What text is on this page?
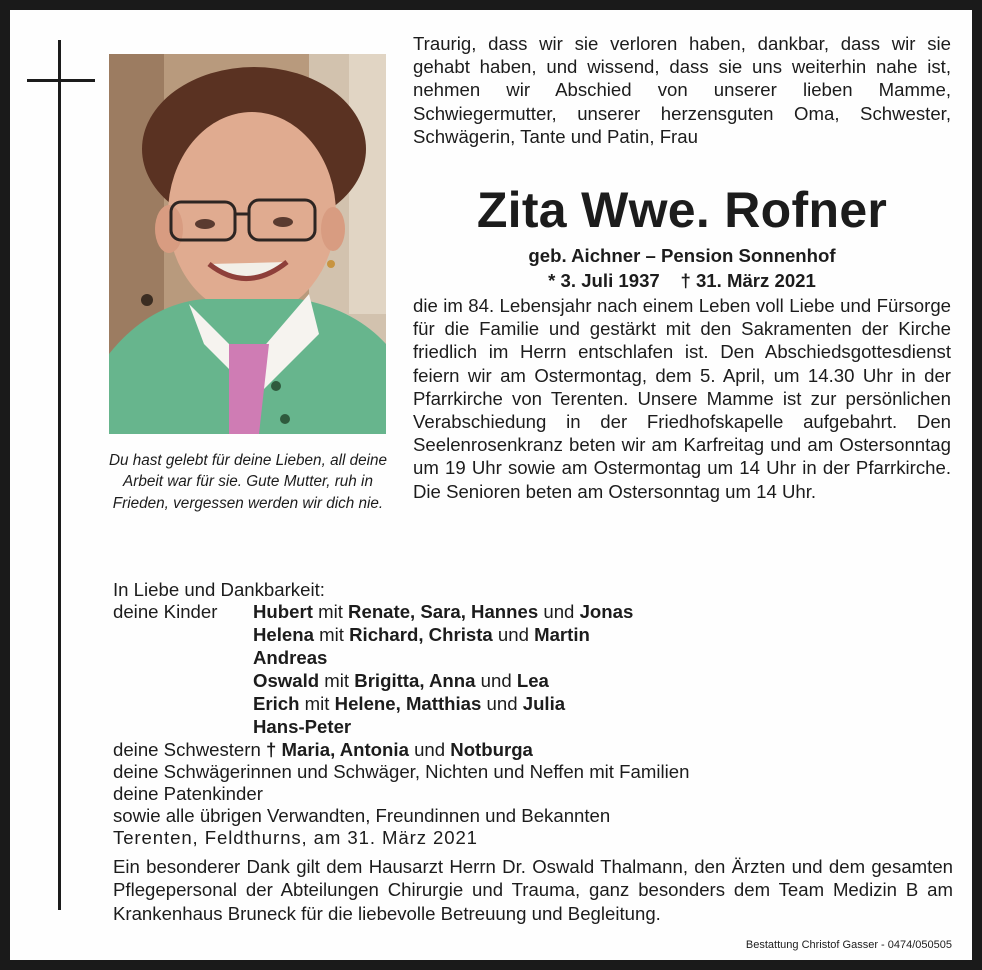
Traurig, dass wir sie verloren haben, dankbar, dass wir sie gehabt haben, und wissend, dass sie uns weiterhin nahe ist, nehmen wir Abschied von unserer lieben Mamme, Schwiegermutter, unserer herzensguten Oma, Schwester, Schwägerin, Tante und Patin, Frau

Zita Wwe. Rofner
geb. Aichner – Pension Sonnenhof
* 3. Juli 1937    † 31. März 2021

die im 84. Lebensjahr nach einem Leben voll Liebe und Fürsorge für die Familie und gestärkt mit den Sakramenten der Kirche friedlich im Herrn entschlafen ist. Den Abschiedsgottesdienst feiern wir am Ostermontag, dem 5. April, um 14.30 Uhr in der Pfarrkirche von Terenten. Unsere Mamme ist zur persönlichen Verabschiedung in der Friedhofskapelle aufgebahrt. Den Seelenrosenkranz beten wir am Karfreitag und am Ostersonntag um 19 Uhr sowie am Ostermontag um 14 Uhr in der Pfarrkirche. Die Senioren beten am Ostersonntag um 14 Uhr.

Du hast gelebt für deine Lieben, all deine Arbeit war für sie. Gute Mutter, ruh in Frieden, vergessen werden wir dich nie.

In Liebe und Dankbarkeit:
deine Kinder Hubert mit Renate, Sara, Hannes und Jonas
Helena mit Richard, Christa und Martin
Andreas
Oswald mit Brigitta, Anna und Lea
Erich mit Helene, Matthias und Julia
Hans-Peter
deine Schwestern † Maria, Antonia und Notburga
deine Schwägerinnen und Schwäger, Nichten und Neffen mit Familien
deine Patenkinder
sowie alle übrigen Verwandten, Freundinnen und Bekannten
Terenten, Feldthurns, am 31. März 2021

Ein besonderer Dank gilt dem Hausarzt Herrn Dr. Oswald Thalmann, den Ärzten und dem gesamten Pflegepersonal der Abteilungen Chirurgie und Trauma, ganz besonders dem Team Medizin B am Krankenhaus Bruneck für die liebevolle Betreuung und Begleitung.

Bestattung Christof Gasser - 0474/050505
